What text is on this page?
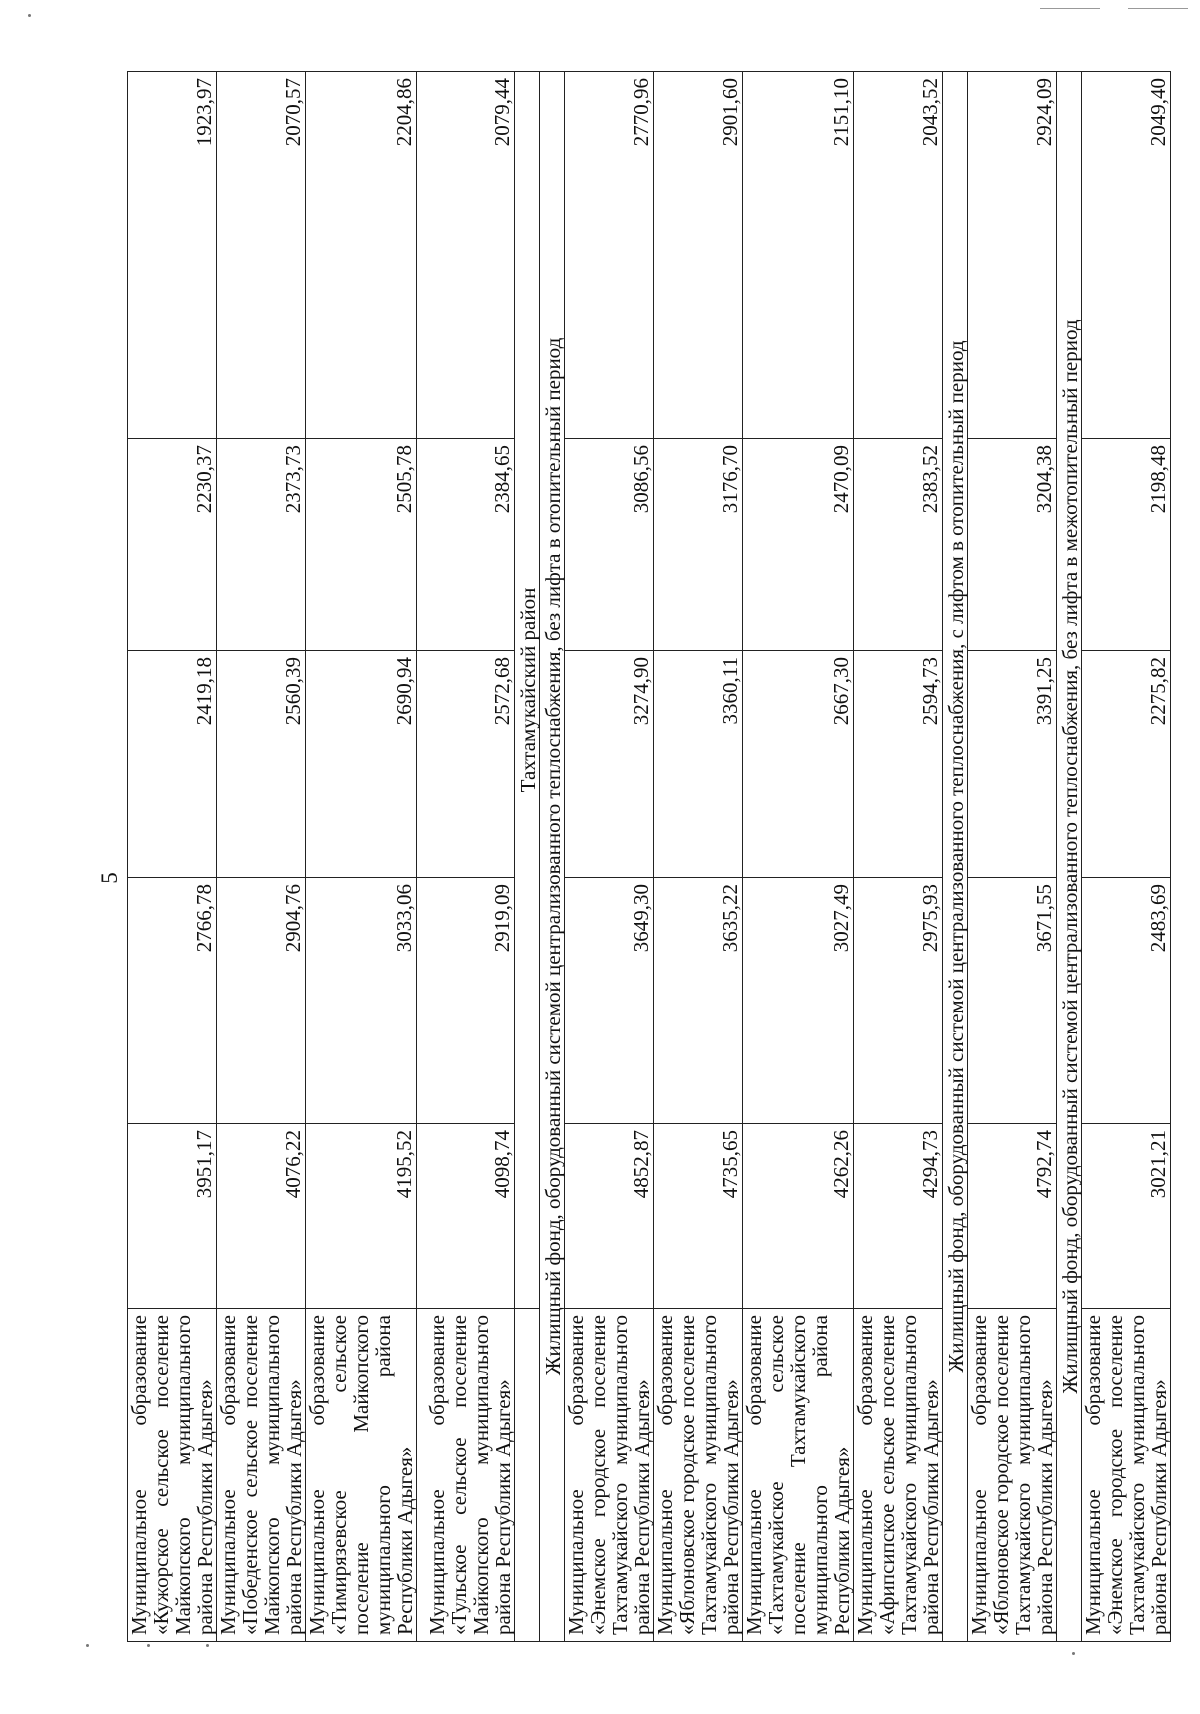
5
Муниципальное образование «Кужорское сельское поселение Майкопского муниципального района Республики Адыгея»	3951,17	2766,78	2419,18	2230,37	1923,97
Муниципальное образование «Победенское сельское поселение Майкопского муниципального района Республики Адыгея»	4076,22	2904,76	2560,39	2373,73	2070,57
Муниципальное образование «Тимирязевское сельское поселение Майкопского муниципального района Республики Адыгея»	4195,52	3033,06	2690,94	2505,78	2204,86
Муниципальное образование «Тульское сельское поселение Майкопского муниципального района Республики Адыгея»	4098,74	2919,09	2572,68	2384,65	2079,44
	Тахтамукайский район				
Жилищный фонд, оборудованный системой централизованного теплоснабжения, без лифта в отопительный период					
Муниципальное образование «Энемское городское поселение Тахтамукайского муниципального района Республики Адыгея»	4852,87	3649,30	3274,90	3086,56	2770,96
Муниципальное образование «Яблоновское городское поселение Тахтамукайского муниципального района Республики Адыгея»	4735,65	3635,22	3360,11	3176,70	2901,60
Муниципальное образование «Тахтамукайское сельское поселение Тахтамукайского муниципального района Республики Адыгея»	4262,26	3027,49	2667,30	2470,09	2151,10
Муниципальное образование «Афипсипское сельское поселение Тахтамукайского муниципального района Республики Адыгея»	4294,73	2975,93	2594,73	2383,52	2043,52
Жилищный фонд, оборудованный системой централизованного теплоснабжения, с лифтом в отопительный период					
Муниципальное образование «Яблоновское городское поселение Тахтамукайского муниципального района Республики Адыгея»	4792,74	3671,55	3391,25	3204,38	2924,09
Жилищный фонд, оборудованный системой централизованного теплоснабжения, без лифта в межотопительный период					
Муниципальное образование «Энемское городское поселение Тахтамукайского муниципального района Республики Адыгея»	3021,21	2483,69	2275,82	2198,48	2049,40
